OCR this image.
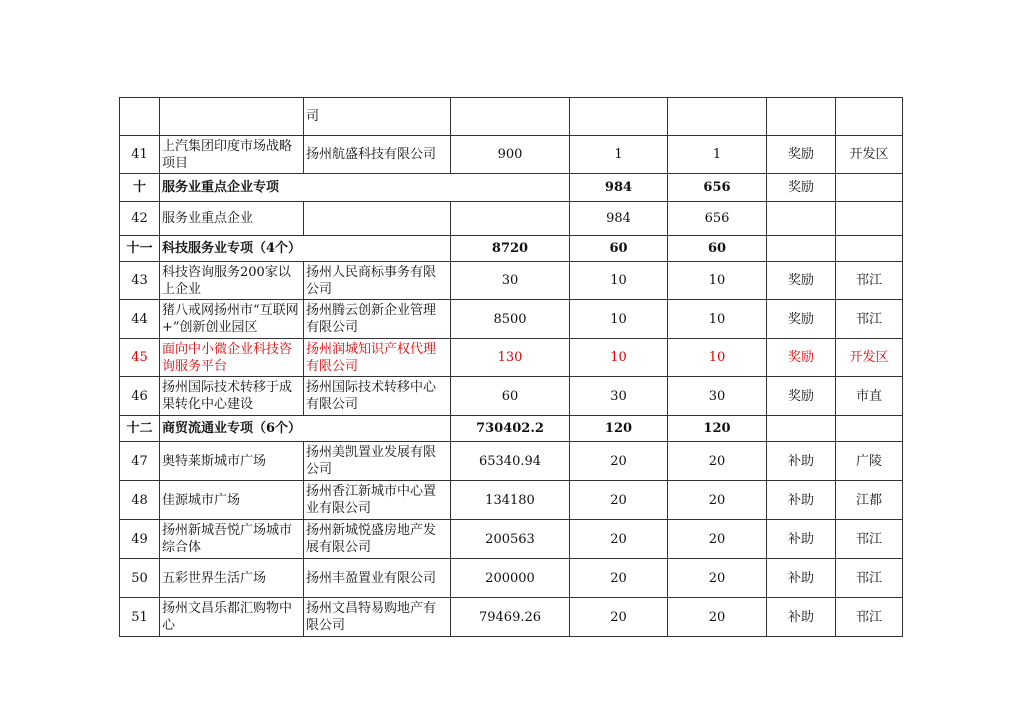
		司					
41	上汽集团印度市场战略项目	扬州航盛科技有限公司	900	1	1	奖励	开发区
十	服务业重点企业专项			984	656	奖励	
42	服务业重点企业			984	656		
十一	科技服务业专项（4个）		8720	60	60		
43	科技咨询服务200家以上企业	扬州人民商标事务有限公司	30	10	10	奖励	邗江
44	猪八戒网扬州市“互联网+”创新创业园区	扬州腾云创新企业管理有限公司	8500	10	10	奖励	邗江
45	面向中小微企业科技咨询服务平台	扬州润城知识产权代理有限公司	130	10	10	奖励	开发区
46	扬州国际技术转移于成果转化中心建设	扬州国际技术转移中心有限公司	60	30	30	奖励	市直
十二	商贸流通业专项（6个）		730402.2	120	120		
47	奥特莱斯城市广场	扬州美凯置业发展有限公司	65340.94	20	20	补助	广陵
48	佳源城市广场	扬州香江新城市中心置业有限公司	134180	20	20	补助	江都
49	扬州新城吾悦广场城市综合体	扬州新城悦盛房地产发展有限公司	200563	20	20	补助	邗江
50	五彩世界生活广场	扬州丰盈置业有限公司	200000	20	20	补助	邗江
51	扬州文昌乐都汇购物中心	扬州文昌特易购地产有限公司	79469.26	20	20	补助	邗江
